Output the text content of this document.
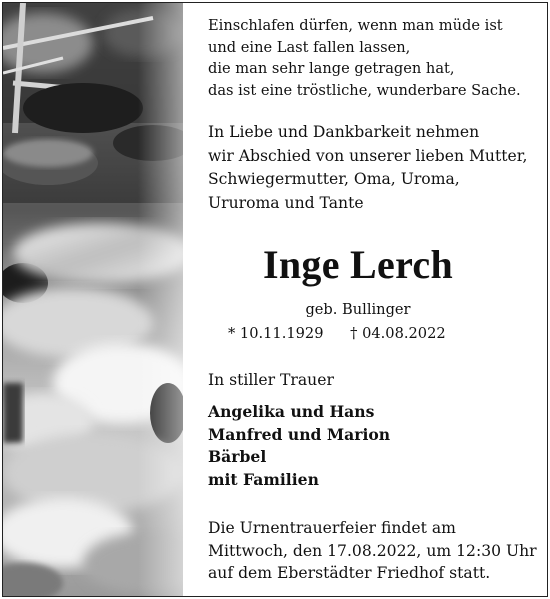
Einschlafen dürfen, wenn man müde ist
und eine Last fallen lassen,
die man sehr lange getragen hat,
das ist eine tröstliche, wunderbare Sache.
In Liebe und Dankbarkeit nehmen
wir Abschied von unserer lieben Mutter,
Schwiegermutter, Oma, Uroma,
Ururoma und Tante
Inge Lerch
geb. Bullinger
* 10.11.1929 † 04.08.2022
In stiller Trauer
Angelika und Hans
Manfred und Marion
Bärbel
mit Familien
Die Urnentrauerfeier findet am
Mittwoch, den 17.08.2022, um 12:30 Uhr
auf dem Eberstädter Friedhof statt.
